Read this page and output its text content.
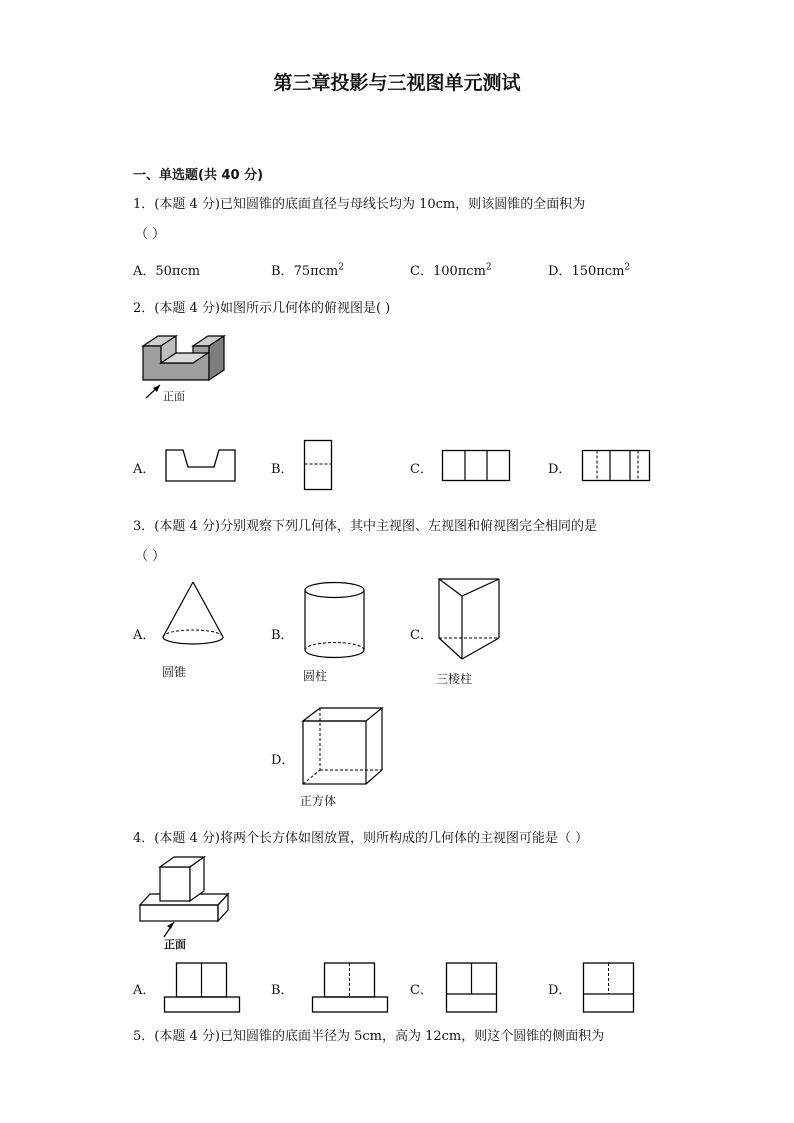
第三章投影与三视图单元测试
一、单选题(共 40 分)
1．(本题 4 分)已知圆锥的底面直径与母线长均为 10cm，则该圆锥的全面积为
（ ）
A．50πcm	B．75πcm$^2$	C．100πcm$^2$	D．150πcm$^2$
2．(本题 4 分)如图所示几何体的俯视图是( )
正面
A．	B．	C．	D．
3．(本题 4 分)分别观察下列几何体，其中主视图、左视图和俯视图完全相同的是
（ ）
A．
圆锥
B．
圆柱
C．
三棱柱
D．
正方体
4．(本题 4 分)将两个长方体如图放置，则所构成的几何体的主视图可能是（ ）
正面
A．	B．	C．	D．
5．(本题 4 分)已知圆锥的底面半径为 5cm，高为 12cm，则这个圆锥的侧面积为
